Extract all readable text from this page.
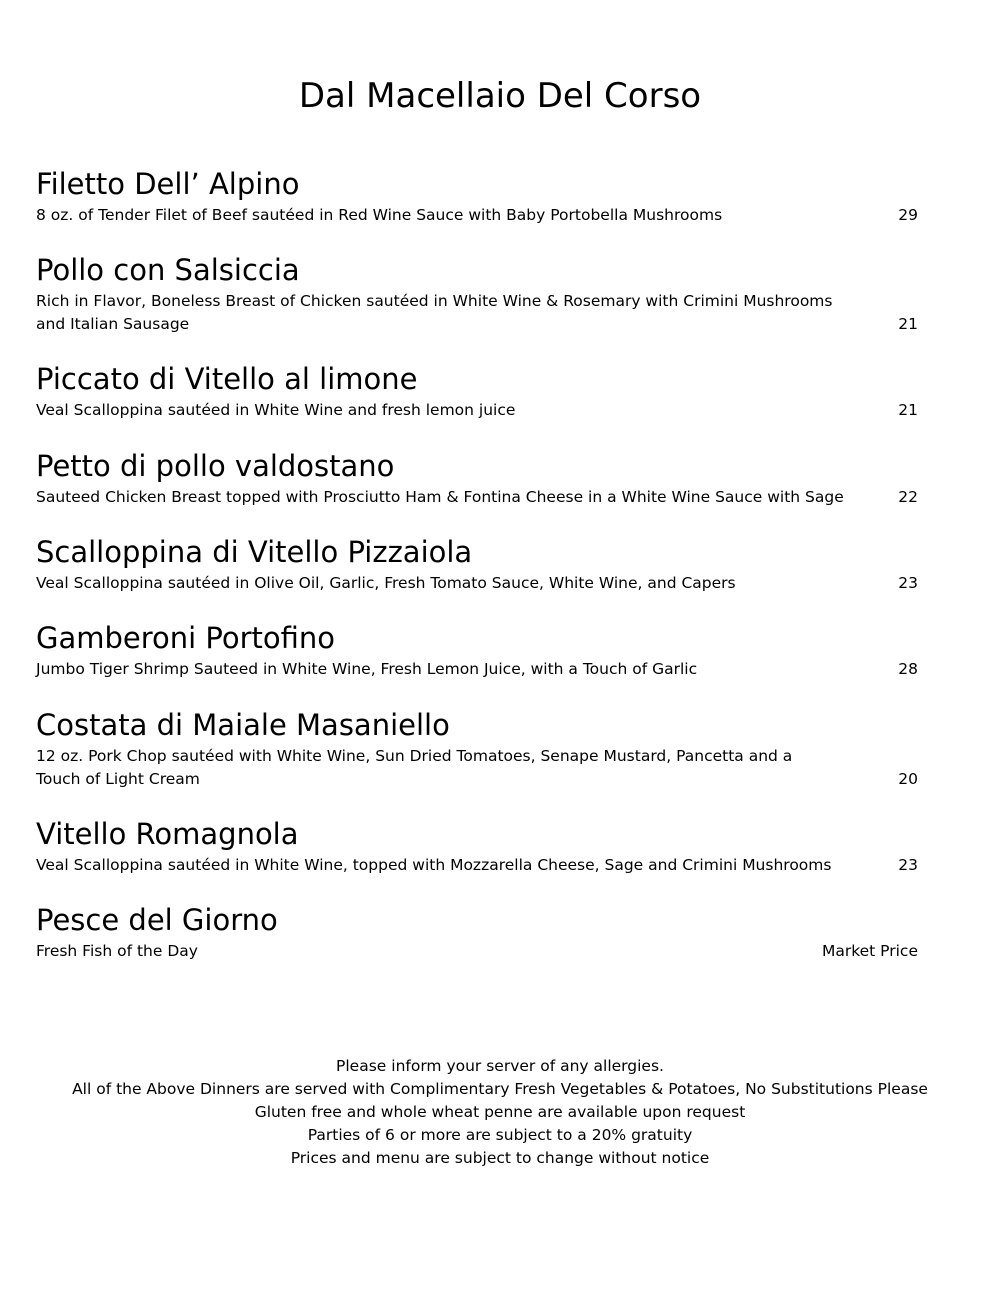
Dal Macellaio Del Corso
Filetto Dell’ Alpino
8 oz. of Tender Filet of Beef sautéed in Red Wine Sauce with Baby Portobella Mushrooms	29
Pollo con Salsiccia
Rich in Flavor, Boneless Breast of Chicken sautéed in White Wine & Rosemary with Crimini Mushrooms and Italian Sausage	21
Piccato di Vitello al limone
Veal Scalloppina sautéed in White Wine and fresh lemon juice	21
Petto di pollo valdostano
Sauteed Chicken Breast topped with Prosciutto Ham & Fontina Cheese in a White Wine Sauce with Sage	22
Scalloppina di Vitello Pizzaiola
Veal Scalloppina sautéed in Olive Oil, Garlic, Fresh Tomato Sauce, White Wine, and Capers	23
Gamberoni Portofino
Jumbo Tiger Shrimp Sauteed in White Wine, Fresh Lemon Juice, with a Touch of Garlic	28
Costata di Maiale Masaniello
12 oz. Pork Chop sautéed with White Wine, Sun Dried Tomatoes, Senape Mustard, Pancetta and a Touch of Light Cream	20
Vitello Romagnola
Veal Scalloppina sautéed in White Wine, topped with Mozzarella Cheese, Sage and Crimini Mushrooms	23
Pesce del Giorno
Fresh Fish of the Day	Market Price
Please inform your server of any allergies.
All of the Above Dinners are served with Complimentary Fresh Vegetables & Potatoes, No Substitutions Please
Gluten free and whole wheat penne are available upon request
Parties of 6 or more are subject to a 20% gratuity
Prices and menu are subject to change without notice
